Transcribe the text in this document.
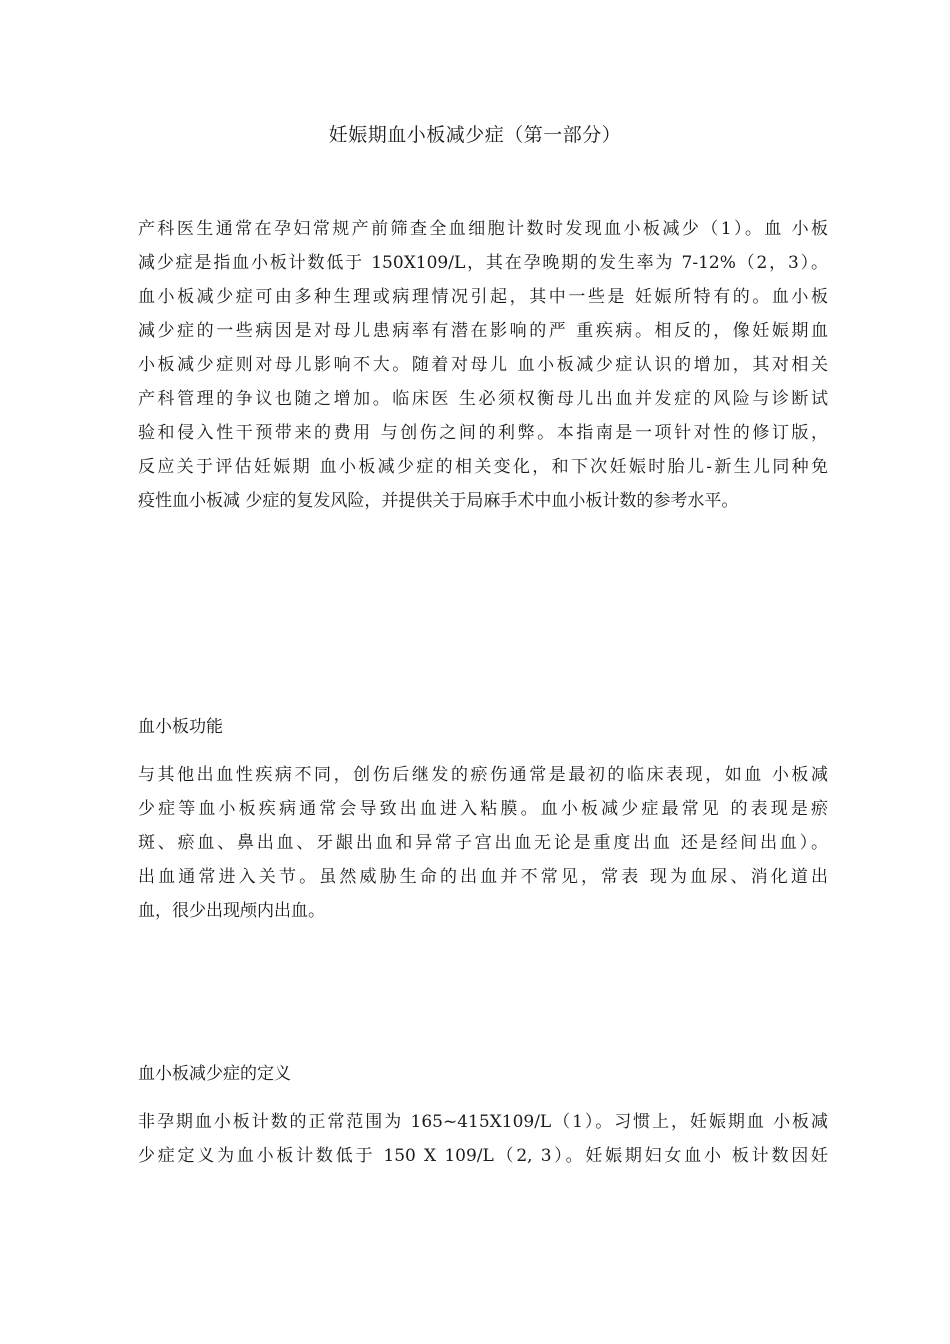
妊娠期血小板减少症（第一部分）
产科医生通常在孕妇常规产前筛查全血细胞计数时发现血小板减少（1）。血 小板
减少症是指血小板计数低于 150X109/L，其在孕晚期的发生率为 7-12%（2，3）。
血小板减少症可由多种生理或病理情况引起，其中一些是 妊娠所特有的。血小板
减少症的一些病因是对母儿患病率有潜在影响的严 重疾病。相反的，像妊娠期血
小板减少症则对母儿影响不大。随着对母儿 血小板减少症认识的增加，其对相关
产科管理的争议也随之增加。临床医 生必须权衡母儿出血并发症的风险与诊断试
验和侵入性干预带来的费用 与创伤之间的利弊。本指南是一项针对性的修订版，
反应关于评估妊娠期 血小板减少症的相关变化，和下次妊娠时胎儿-新生儿同种免
疫性血小板减 少症的复发风险，并提供关于局麻手术中血小板计数的参考水平。
血小板功能
与其他出血性疾病不同，创伤后继发的瘀伤通常是最初的临床表现，如血 小板减
少症等血小板疾病通常会导致出血进入粘膜。血小板减少症最常见 的表现是瘀
斑、瘀血、鼻出血、牙龈出血和异常子宫出血无论是重度出血 还是经间出血）。
出血通常进入关节。虽然威胁生命的出血并不常见，常表 现为血尿、消化道出
血，很少出现颅内出血。
血小板减少症的定义
非孕期血小板计数的正常范围为 165~415X109/L（1）。习惯上，妊娠期血 小板减
少症定义为血小板计数低于 150 X 109/L（2, 3）。妊娠期妇女血小 板计数因妊
